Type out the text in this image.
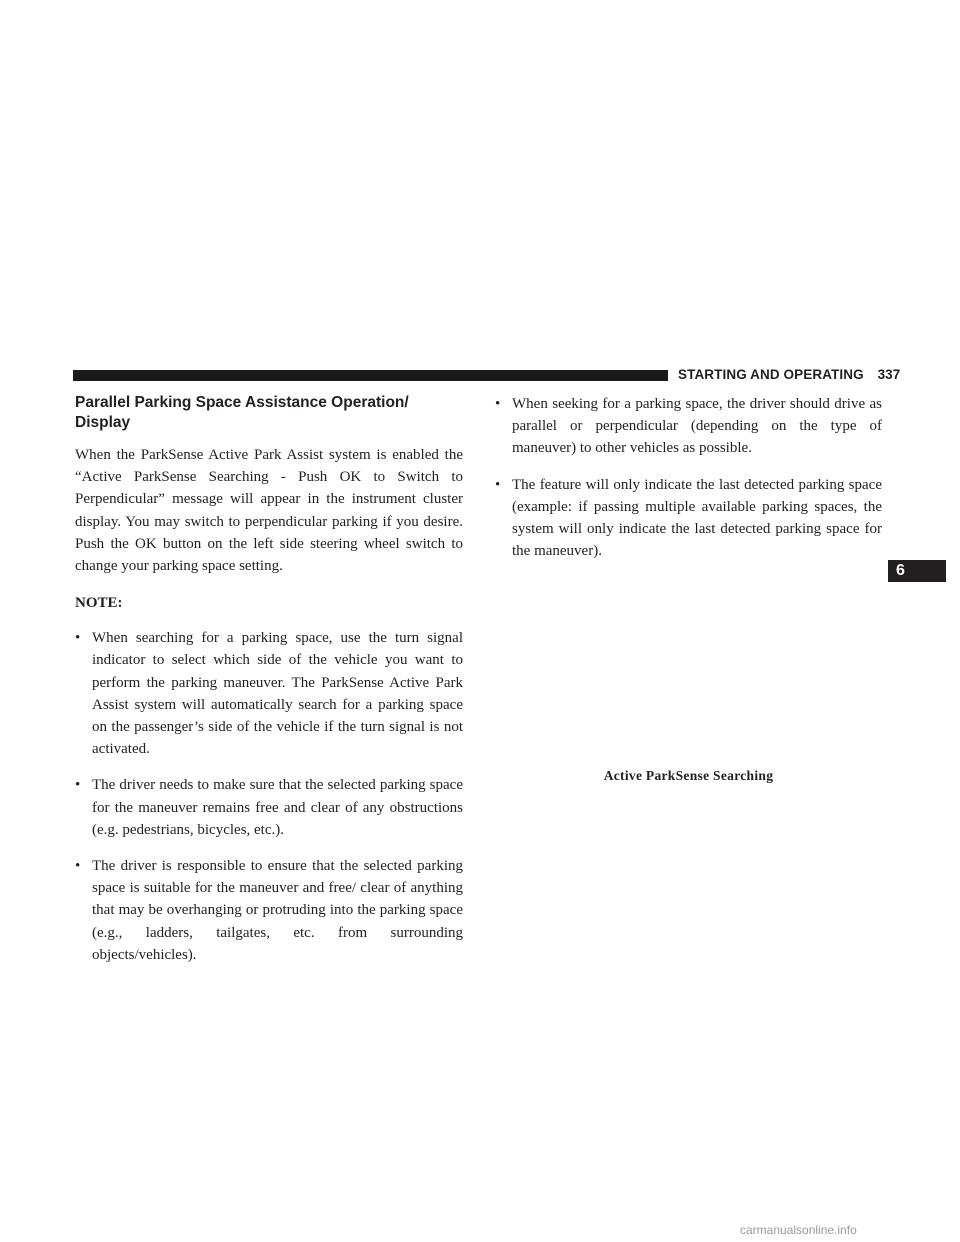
STARTING AND OPERATING 337
Parallel Parking Space Assistance Operation/ Display

When the ParkSense Active Park Assist system is enabled the “Active ParkSense Searching - Push OK to Switch to Perpendicular” message will appear in the instrument cluster display. You may switch to perpendicular parking if you desire. Push the OK button on the left side steering wheel switch to change your parking space setting.

NOTE:
• When searching for a parking space, use the turn signal indicator to select which side of the vehicle you want to perform the parking maneuver. The ParkSense Active Park Assist system will automatically search for a parking space on the passenger’s side of the vehicle if the turn signal is not activated.
• The driver needs to make sure that the selected parking space for the maneuver remains free and clear of any obstructions (e.g. pedestrians, bicycles, etc.).
• The driver is responsible to ensure that the selected parking space is suitable for the maneuver and free/ clear of anything that may be overhanging or protruding into the parking space (e.g., ladders, tailgates, etc. from surrounding objects/vehicles).
• When seeking for a parking space, the driver should drive as parallel or perpendicular (depending on the type of maneuver) to other vehicles as possible.
• The feature will only indicate the last detected parking space (example: if passing multiple available parking spaces, the system will only indicate the last detected parking space for the maneuver).
6
Active ParkSense Searching
carmanualsonline.info
